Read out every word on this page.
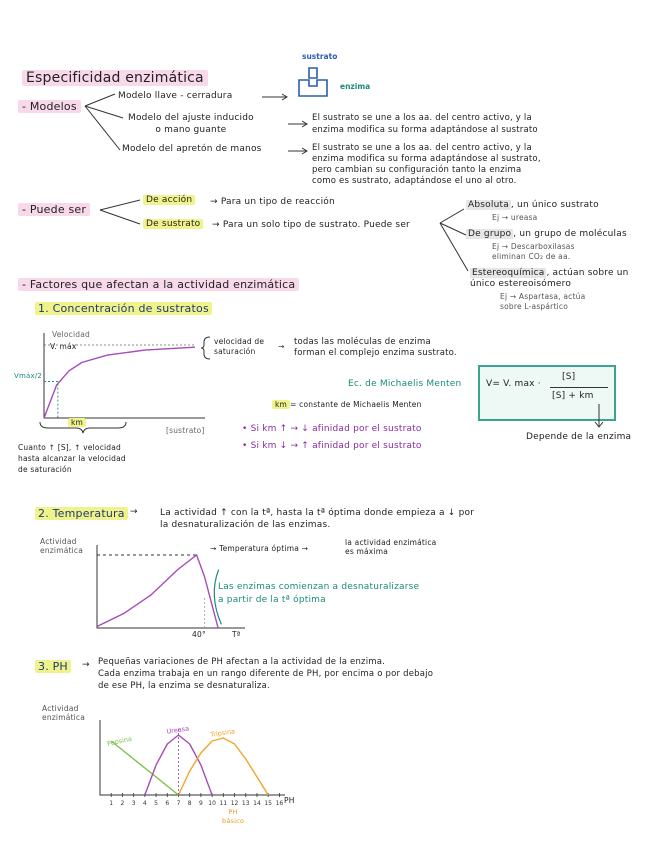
Especificidad enzimática
sustrato
enzima
- Modelos
Modelo llave - cerradura
Modelo del ajuste inducido
o mano guante
El sustrato se une a los aa. del centro activo, y la
enzima modifica su forma adaptándose al sustrato
Modelo del apretón de manos	El sustrato se une a los aa. del centro activo, y la
enzima modifica su forma adaptándose al sustrato,
pero cambian su configuración tanto la enzima
como es sustrato, adaptándose el uno al otro.
- Puede ser
De acción	→ Para un tipo de reacción
De sustrato	→ Para un solo tipo de sustrato. Puede ser
Absoluta , un único sustrato
Ej → ureasa
De grupo , un grupo de moléculas
Ej → Descarboxilasas
eliminan CO₂ de aa.
Estereoquímica , actúan sobre un
único estereoisómero
Ej → Aspartasa, actúa
sobre L-aspártico
- Factores que afectan a la actividad enzimática
1. Concentración de sustratos
Velocidad
V. máx
Vmáx/2
km
[sustrato]
Cuanto ↑ [S], ↑ velocidad
hasta alcanzar la velocidad
de saturación
velocidad de
saturación
→ todas las moléculas de enzima
forman el complejo enzima sustrato.
Ec. de Michaelis Menten
km = constante de Michaelis Menten
V= V. max ·
[S]
[S] + km
Depende de la enzima
• Si km ↑ → ↓ afinidad por el sustrato
• Si km ↓ → ↑ afinidad por el sustrato
2. Temperatura → La actividad ↑ con la tª, hasta la tª óptima donde empieza a ↓ por
la desnaturalización de las enzimas.
Actividad
enzimática	→ Temperatura óptima →
la actividad enzimática
es máxima
Las enzimas comienzan a desnaturalizarse
a partir de la tª óptima
40°	Tª
3. PH	→ Pequeñas variaciones de PH afectan a la actividad de la enzima.
Cada enzima trabaja en un rango diferente de PH, por encima o por debajo
de ese PH, la enzima se desnaturaliza.
Actividad
enzimática
1 2 3 4 5 6 7 8 9 10 11 12 13 14 15 16
Pepsina
Ureasa	Tripsina
PH
básico
PH
